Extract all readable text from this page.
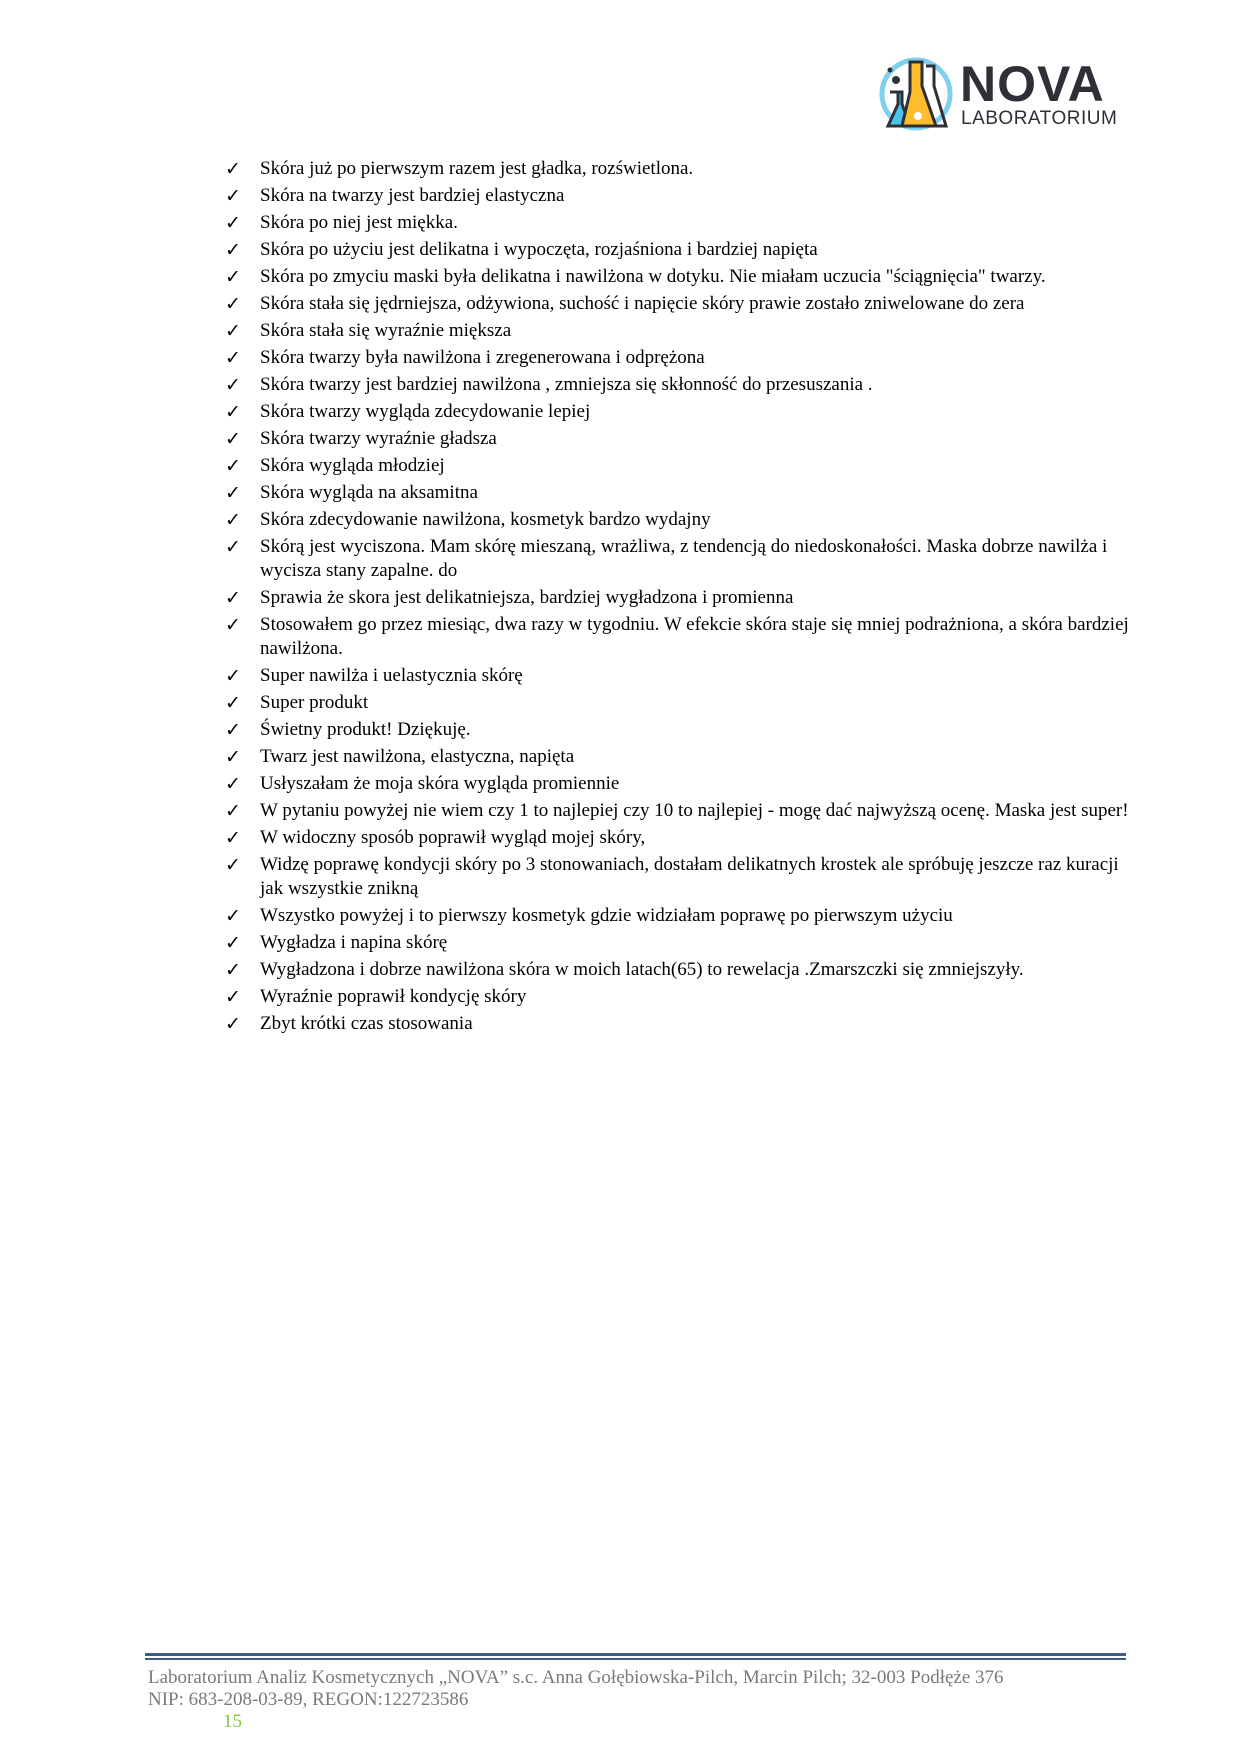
NOVA
LABORATORIUM
✓ Skóra już po pierwszym razem jest gładka, rozświetlona.
✓ Skóra na twarzy jest bardziej elastyczna
✓ Skóra po niej jest miękka.
✓ Skóra po użyciu jest delikatna i wypoczęta, rozjaśniona i bardziej napięta
✓ Skóra po zmyciu maski była delikatna i nawilżona w dotyku. Nie miałam uczucia "ściągnięcia" twarzy.
✓ Skóra stała się jędrniejsza, odżywiona, suchość i napięcie skóry prawie zostało zniwelowane do zera
✓ Skóra stała się wyraźnie miększa
✓ Skóra twarzy była nawilżona i zregenerowana i odprężona
✓ Skóra twarzy jest bardziej nawilżona , zmniejsza się skłonność do przesuszania .
✓ Skóra twarzy wygląda zdecydowanie lepiej
✓ Skóra twarzy wyraźnie gładsza
✓ Skóra wygląda młodziej
✓ Skóra wygląda na aksamitna
✓ Skóra zdecydowanie nawilżona, kosmetyk bardzo wydajny
✓ Skórą jest wyciszona. Mam skórę mieszaną, wrażliwa, z tendencją do niedoskonałości. Maska dobrze nawilża i wycisza stany zapalne. do
✓ Sprawia że skora jest delikatniejsza, bardziej wygładzona i promienna
✓ Stosowałem go przez miesiąc, dwa razy w tygodniu. W efekcie skóra staje się mniej podrażniona, a skóra bardziej nawilżona.
✓ Super nawilża i uelastycznia skórę
✓ Super produkt
✓ Świetny produkt! Dziękuję.
✓ Twarz jest nawilżona, elastyczna, napięta
✓ Usłyszałam że moja skóra wygląda promiennie
✓ W pytaniu powyżej nie wiem czy 1 to najlepiej czy 10 to najlepiej - mogę dać najwyższą ocenę. Maska jest super!
✓ W widoczny sposób poprawił wygląd mojej skóry,
✓ Widzę poprawę kondycji skóry po 3 stonowaniach, dostałam delikatnych krostek ale spróbuję jeszcze raz kuracji jak wszystkie znikną
✓ Wszystko powyżej i to pierwszy kosmetyk gdzie widziałam poprawę po pierwszym użyciu
✓ Wygładza i napina skórę
✓ Wygładzona i dobrze nawilżona skóra w moich latach(65) to rewelacja .Zmarszczki się zmniejszyły.
✓ Wyraźnie poprawił kondycję skóry
✓ Zbyt krótki czas stosowania
Laboratorium Analiz Kosmetycznych „NOVA” s.c. Anna Gołębiowska-Pilch, Marcin Pilch; 32-003 Podłęże 376
NIP: 683-208-03-89, REGON:122723586
15
